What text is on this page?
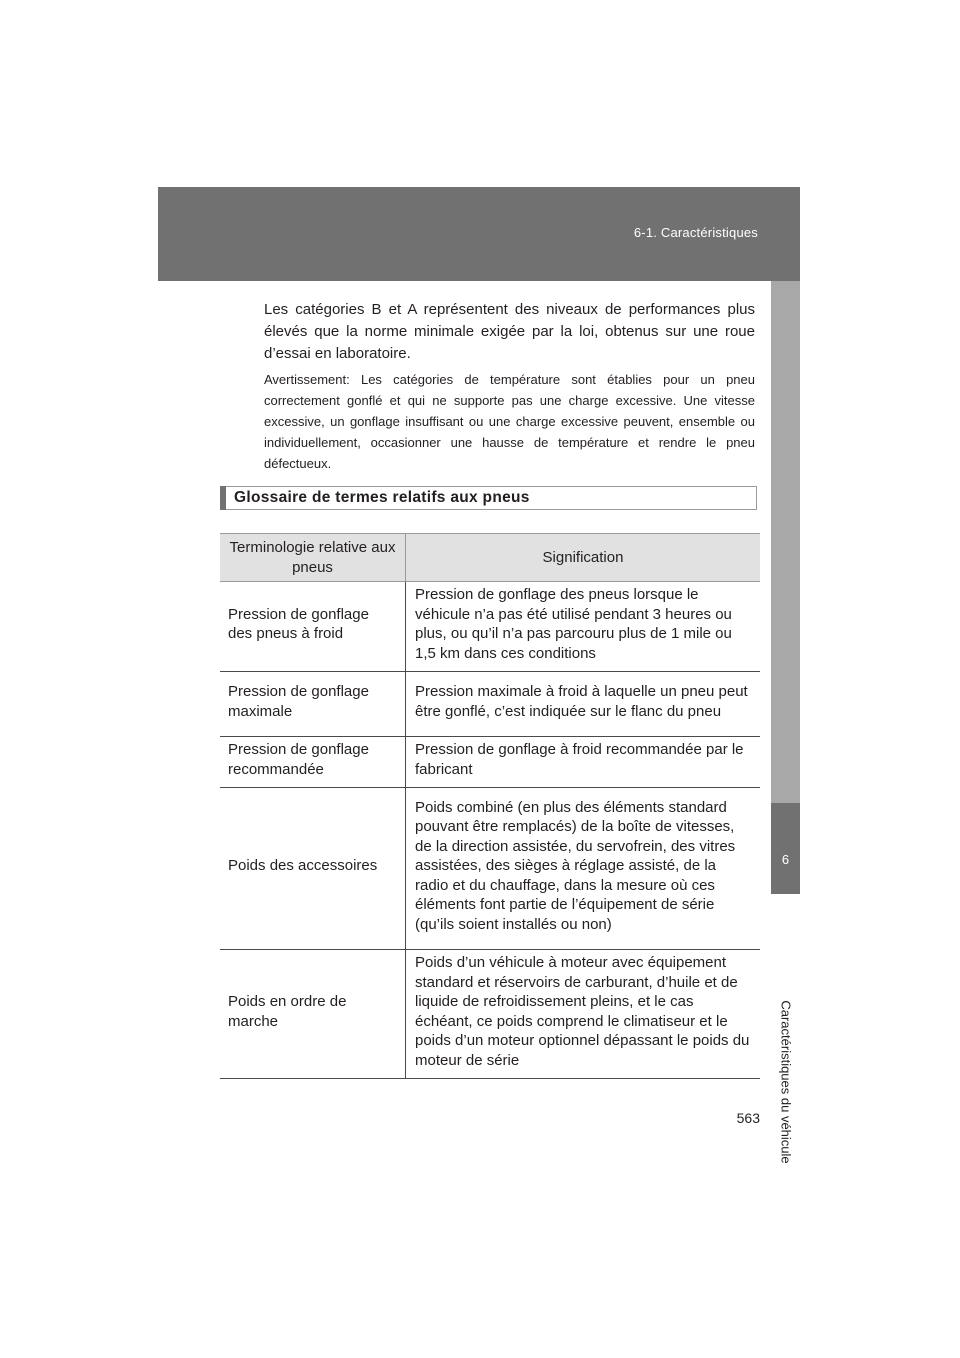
6-1. Caractéristiques
6
Caractéristiques du véhicule

Les catégories B et A représentent des niveaux de performances plus élevés que la norme minimale exigée par la loi, obtenus sur une roue d’essai en laboratoire.

Avertissement: Les catégories de température sont établies pour un pneu correctement gonflé et qui ne supporte pas une charge excessive. Une vitesse excessive, un gonflage insuffisant ou une charge excessive peuvent, ensemble ou individuellement, occasionner une hausse de température et rendre le pneu défectueux.

Glossaire de termes relatifs aux pneus
Terminologie relative aux pneus	Signification
Pression de gonflage des pneus à froid	Pression de gonflage des pneus lorsque le véhicule n’a pas été utilisé pendant 3 heures ou plus, ou qu’il n’a pas parcouru plus de 1 mile ou 1,5 km dans ces conditions
Pression de gonflage maximale	Pression maximale à froid à laquelle un pneu peut être gonflé, c’est indiquée sur le flanc du pneu
Pression de gonflage recommandée	Pression de gonflage à froid recommandée par le fabricant
Poids des accessoires	Poids combiné (en plus des éléments standard pouvant être remplacés) de la boîte de vitesses, de la direction assistée, du servofrein, des vitres assistées, des sièges à réglage assisté, de la radio et du chauffage, dans la mesure où ces éléments font partie de l’équipement de série (qu’ils soient installés ou non)
Poids en ordre de marche	Poids d’un véhicule à moteur avec équipement standard et réservoirs de carburant, d’huile et de liquide de refroidissement pleins, et le cas échéant, ce poids comprend le climatiseur et le poids d’un moteur optionnel dépassant le poids du moteur de série
563
